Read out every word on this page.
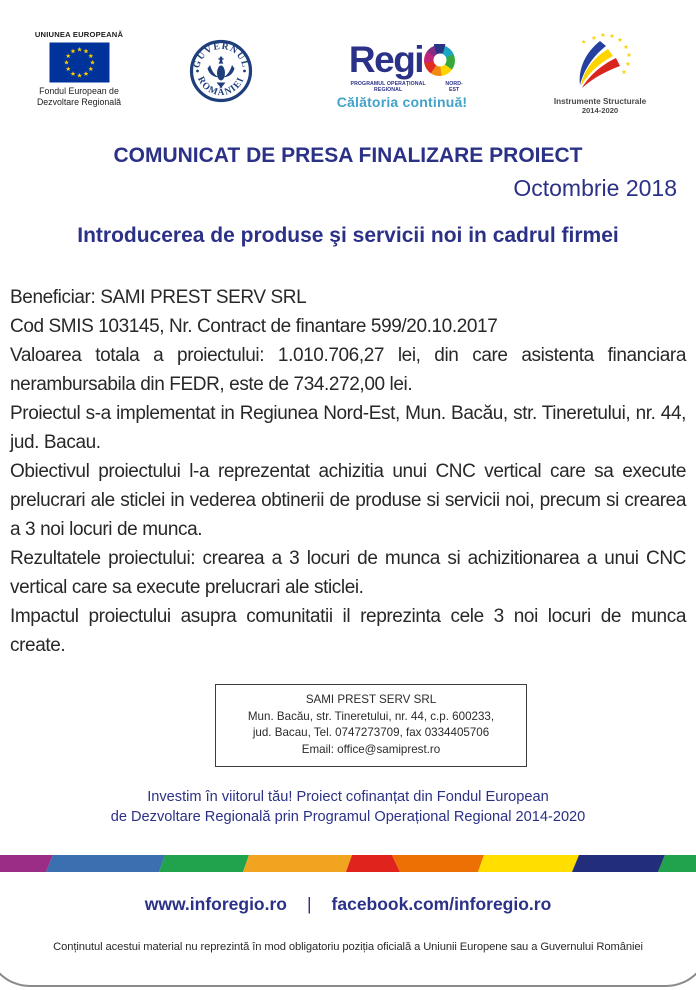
UNIUNEA EUROPEANĂ
Fondul European de Dezvoltare Regională
GUVERNUL
ROMÂNIEI	Regi
PROGRAMUL OPERAȚIONAL REGIONAL
NORD-EST
Călătoria continuă!	Instrumente Structurale
2014-2020
COMUNICAT DE PRESA FINALIZARE PROIECT
Octombrie 2018
Introducerea de produse şi servicii noi in cadrul firmei

Beneficiar: SAMI PREST SERV SRL

Cod SMIS 103145, Nr. Contract de finantare 599/20.10.2017

Valoarea totala a proiectului: 1.010.706,27 lei, din care asistenta financiara nerambursabila din FEDR, este de 734.272,00 lei.

Proiectul s-a implementat in Regiunea Nord-Est, Mun. Bacău, str. Tineretului, nr. 44, jud. Bacau.

Obiectivul proiectului l-a reprezentat achizitia unui CNC vertical care sa execute prelucrari ale sticlei in vederea obtinerii de produse si servicii noi, precum si crearea a 3 noi locuri de munca.

Rezultatele proiectului: crearea a 3 locuri de munca si achizitionarea a unui CNC vertical care sa execute prelucrari ale sticlei.

Impactul proiectului asupra comunitatii il reprezinta cele 3 noi locuri de munca create.

SAMI PREST SERV SRL
Mun. Bacău, str. Tineretului, nr. 44, c.p. 600233,
jud. Bacau, Tel. 0747273709, fax 0334405706
Email: office@samiprest.ro
Investim în viitorul tău! Proiect cofinanțat din Fondul European
de Dezvoltare Regională prin Programul Operațional Regional 2014-2020
www.inforegio.ro | facebook.com/inforegio.ro
Conținutul acestui material nu reprezintă în mod obligatoriu poziția oficială a Uniunii Europene sau a Guvernului României
